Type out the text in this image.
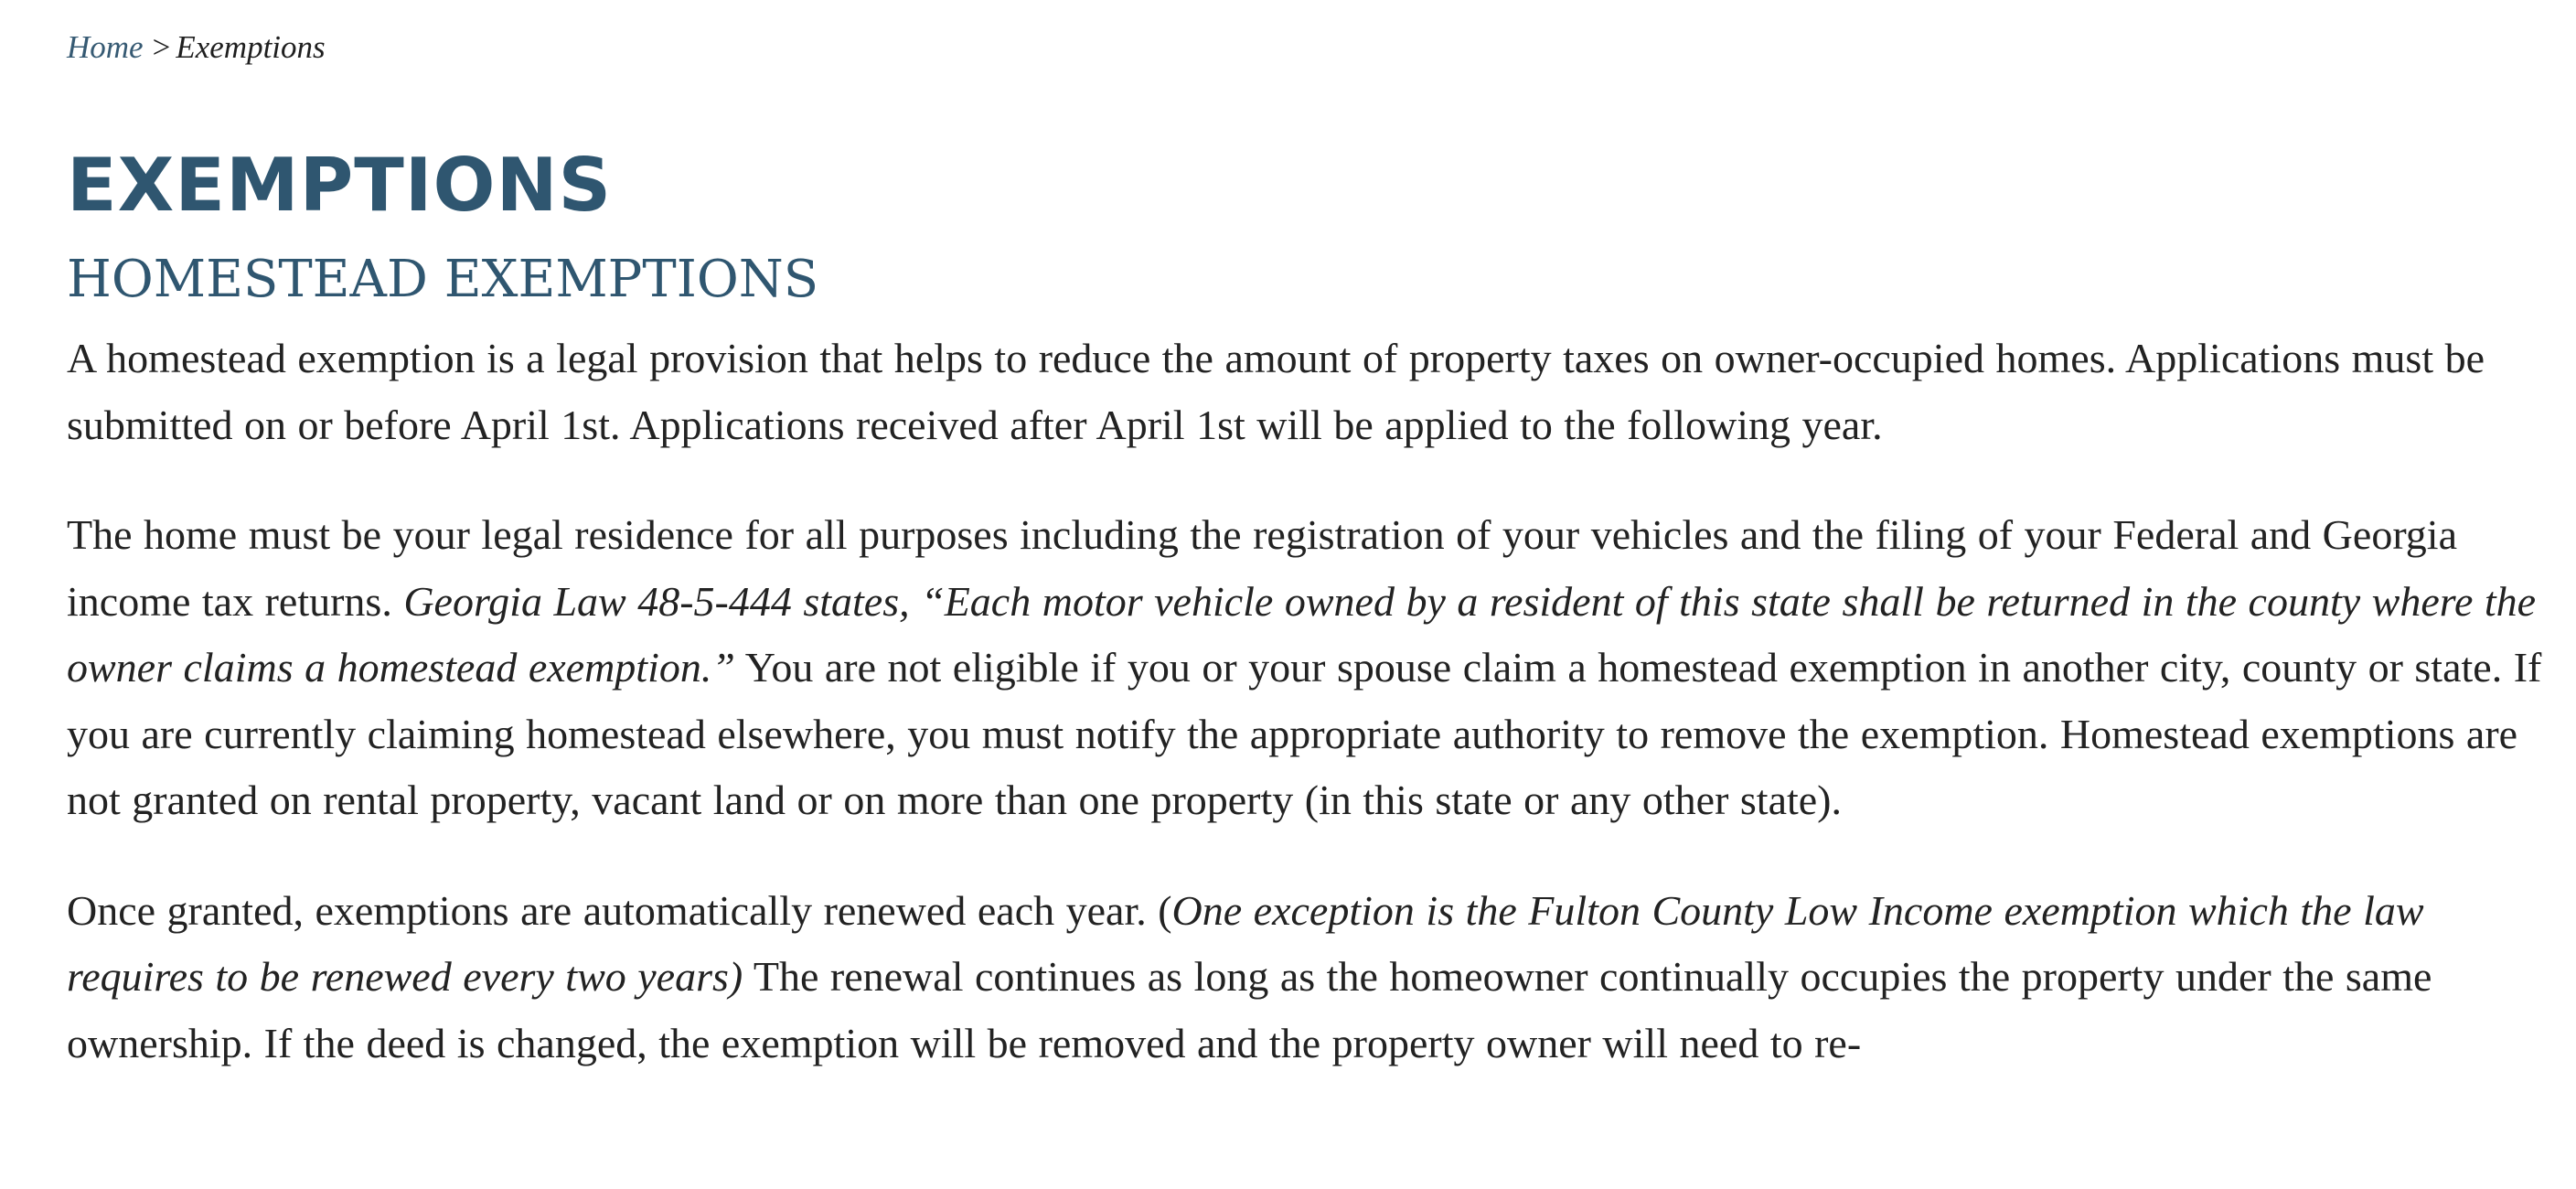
Home > Exemptions
EXEMPTIONS
HOMESTEAD EXEMPTIONS

A homestead exemption is a legal provision that helps to reduce the amount of property taxes on owner-occupied homes. Applications must be submitted on or before April 1st. Applications received after April 1st will be applied to the following year.

The home must be your legal residence for all purposes including the registration of your vehicles and the filing of your Federal and Georgia income tax returns. Georgia Law 48-5-444 states, “Each motor vehicle owned by a resident of this state shall be returned in the county where the owner claims a homestead exemption.” You are not eligible if you or your spouse claim a homestead exemption in another city, county or state. If you are currently claiming homestead elsewhere, you must notify the appropriate authority to remove the exemption. Homestead exemptions are not granted on rental property, vacant land or on more than one property (in this state or any other state).

Once granted, exemptions are automatically renewed each year. (One exception is the Fulton County Low Income exemption which the law requires to be renewed every two years) The renewal continues as long as the homeowner continually occupies the property under the same ownership. If the deed is changed, the exemption will be removed and the property owner will need to re-
